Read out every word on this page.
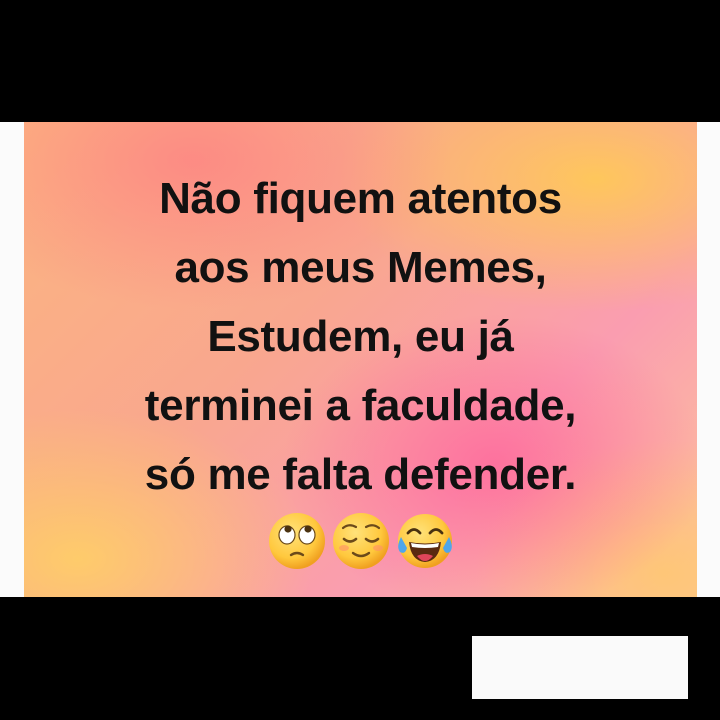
Não fiquem atentos
aos meus Memes,
Estudem, eu já
terminei a faculdade,
só me falta defender.
